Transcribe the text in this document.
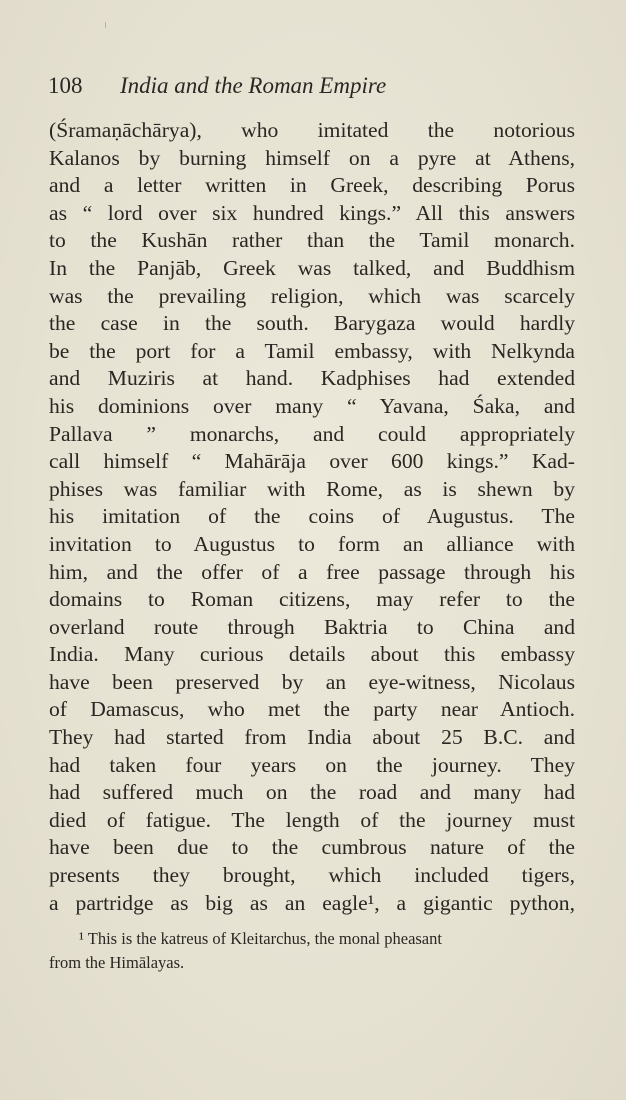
108 India and the Roman Empire
(Śramaṇāchārya), who imitated the notorious
Kalanos by burning himself on a pyre at Athens,
and a letter written in Greek, describing Porus
as “ lord over six hundred kings.” All this answers
to the Kushān rather than the Tamil monarch.
In the Panjāb, Greek was talked, and Buddhism
was the prevailing religion, which was scarcely
the case in the south. Barygaza would hardly
be the port for a Tamil embassy, with Nelkynda
and Muziris at hand. Kadphises had extended
his dominions over many “ Yavana, Śaka, and
Pallava ” monarchs, and could appropriately
call himself “ Mahārāja over 600 kings.” Kad-
phises was familiar with Rome, as is shewn by
his imitation of the coins of Augustus. The
invitation to Augustus to form an alliance with
him, and the offer of a free passage through his
domains to Roman citizens, may refer to the
overland route through Baktria to China and
India. Many curious details about this embassy
have been preserved by an eye-witness, Nicolaus
of Damascus, who met the party near Antioch.
They had started from India about 25 B.C. and
had taken four years on the journey. They
had suffered much on the road and many had
died of fatigue. The length of the journey must
have been due to the cumbrous nature of the
presents they brought, which included tigers,
a partridge as big as an eagle¹, a gigantic python,
¹ This is the katreus of Kleitarchus, the monal pheasant
from the Himālayas.
